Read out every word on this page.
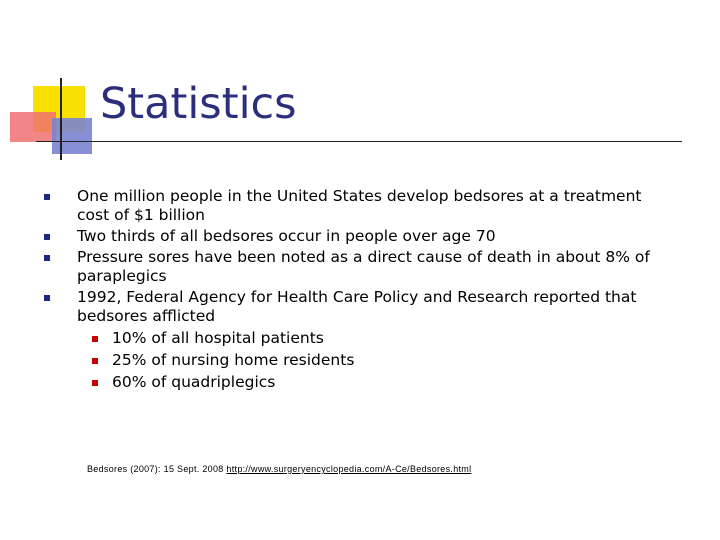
Statistics
One million people in the United States develop bedsores at a treatment cost of $1 billion
Two thirds of all bedsores occur in people over age 70
Pressure sores have been noted as a direct cause of death in about 8% of paraplegics
1992, Federal Agency for Health Care Policy and Research reported that bedsores afflicted
10% of all hospital patients
25% of nursing home residents
60% of quadriplegics
Bedsores (2007): 15 Sept. 2008 http://www.surgeryencyclopedia.com/A-Ce/Bedsores.html
